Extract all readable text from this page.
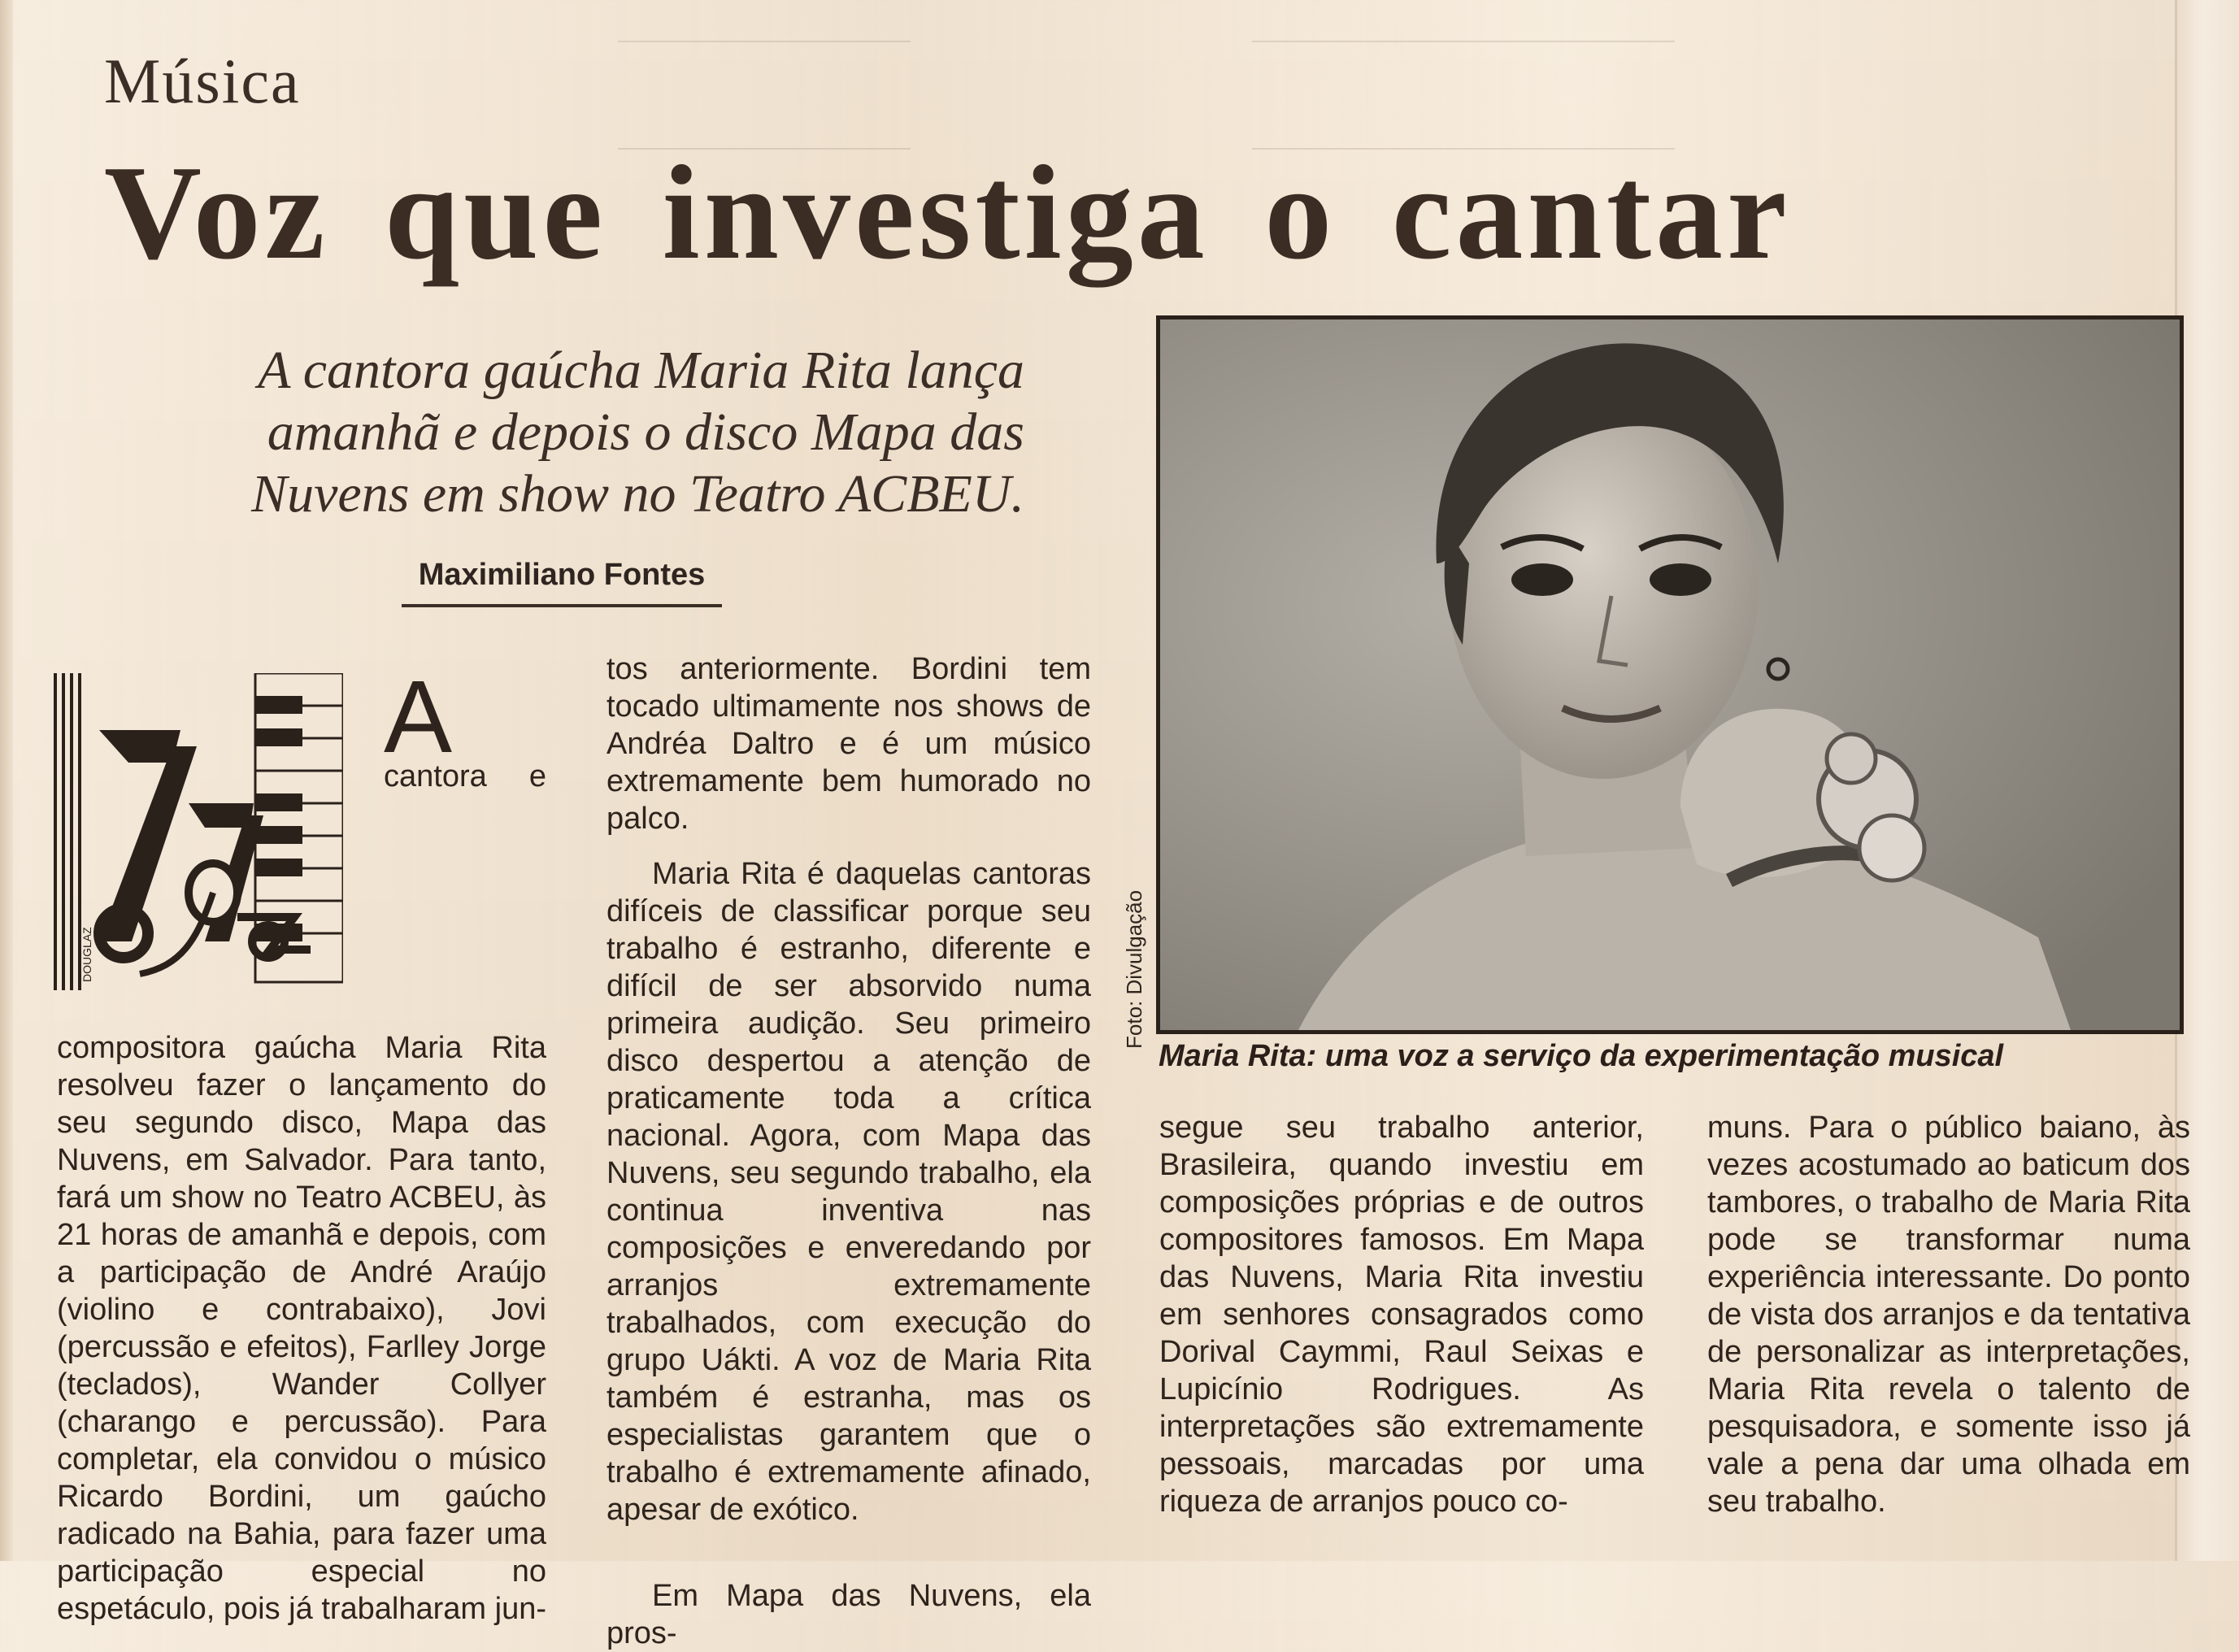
Música
Voz que investiga o cantar
A cantora gaúcha Maria Rita lança amanhã e depois o disco Mapa das Nuvens em show no Teatro ACBEU.
Maximiliano Fontes
DOUGLAZ
A

cantora e compositora gaúcha Maria Rita resolveu fazer o lançamento do seu segundo disco, Mapa das Nuvens, em Salvador. Para tanto, fará um show no Teatro ACBEU, às 21 horas de amanhã e depois, com a participação de André Araújo (violino e contrabaixo), Jovi (percussão e efeitos), Farlley Jorge (teclados), Wander Collyer (charango e percussão). Para completar, ela convidou o músico Ricardo Bordini, um gaúcho radicado na Bahia, para fazer uma participação especial no espetáculo, pois já trabalharam jun-

tos anteriormente. Bordini tem tocado ultimamente nos shows de Andréa Daltro e é um músico extremamente bem humorado no palco.

Maria Rita é daquelas cantoras difíceis de classificar porque seu trabalho é estranho, diferente e difícil de ser absorvido numa primeira audição. Seu primeiro disco despertou a atenção de praticamente toda a crítica nacional. Agora, com Mapa das Nuvens, seu segundo trabalho, ela continua inventiva nas composições e enveredando por arranjos extremamente trabalhados, com execução do grupo Uákti. A voz de Maria Rita também é estranha, mas os especialistas garantem que o trabalho é extremamente afinado, apesar de exótico.

Em Mapa das Nuvens, ela pros-

Foto: Divulgação
Maria Rita: uma voz a serviço da experimentação musical

segue seu trabalho anterior, Brasileira, quando investiu em composições próprias e de outros compositores famosos. Em Mapa das Nuvens, Maria Rita investiu em senhores consagrados como Dorival Caymmi, Raul Seixas e Lupicínio Rodrigues. As interpretações são extremamente pessoais, marcadas por uma riqueza de arranjos pouco co-

muns. Para o público baiano, às vezes acostumado ao baticum dos tambores, o trabalho de Maria Rita pode se transformar numa experiência interessante. Do ponto de vista dos arranjos e da tentativa de personalizar as interpretações, Maria Rita revela o talento de pesquisadora, e somente isso já vale a pena dar uma olhada em seu trabalho.
